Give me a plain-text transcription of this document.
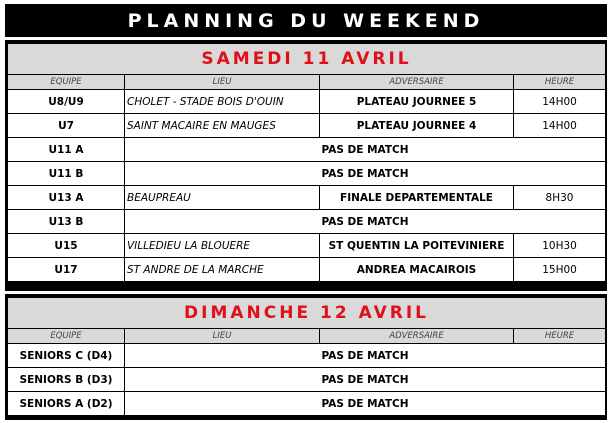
PLANNING DU WEEKEND
SAMEDI 11 AVRIL			
EQUIPE	LIEU	ADVERSAIRE	HEURE
U8/U9	CHOLET - STADE BOIS D'OUIN	PLATEAU JOURNEE 5	14H00
U7	SAINT MACAIRE EN MAUGES	PLATEAU JOURNEE 4	14H00
U11 A	PAS DE MATCH		
U11 B	PAS DE MATCH		
U13 A	BEAUPREAU	FINALE DEPARTEMENTALE	8H30
U13 B	PAS DE MATCH		
U15	VILLEDIEU LA BLOUERE	ST QUENTIN LA POITEVINIERE	10H30
U17	ST ANDRE DE LA MARCHE	ANDREA MACAIROIS	15H00
DIMANCHE 12 AVRIL			
EQUIPE	LIEU	ADVERSAIRE	HEURE
SENIORS C (D4)	PAS DE MATCH		
SENIORS B (D3)	PAS DE MATCH		
SENIORS A (D2)	PAS DE MATCH		
